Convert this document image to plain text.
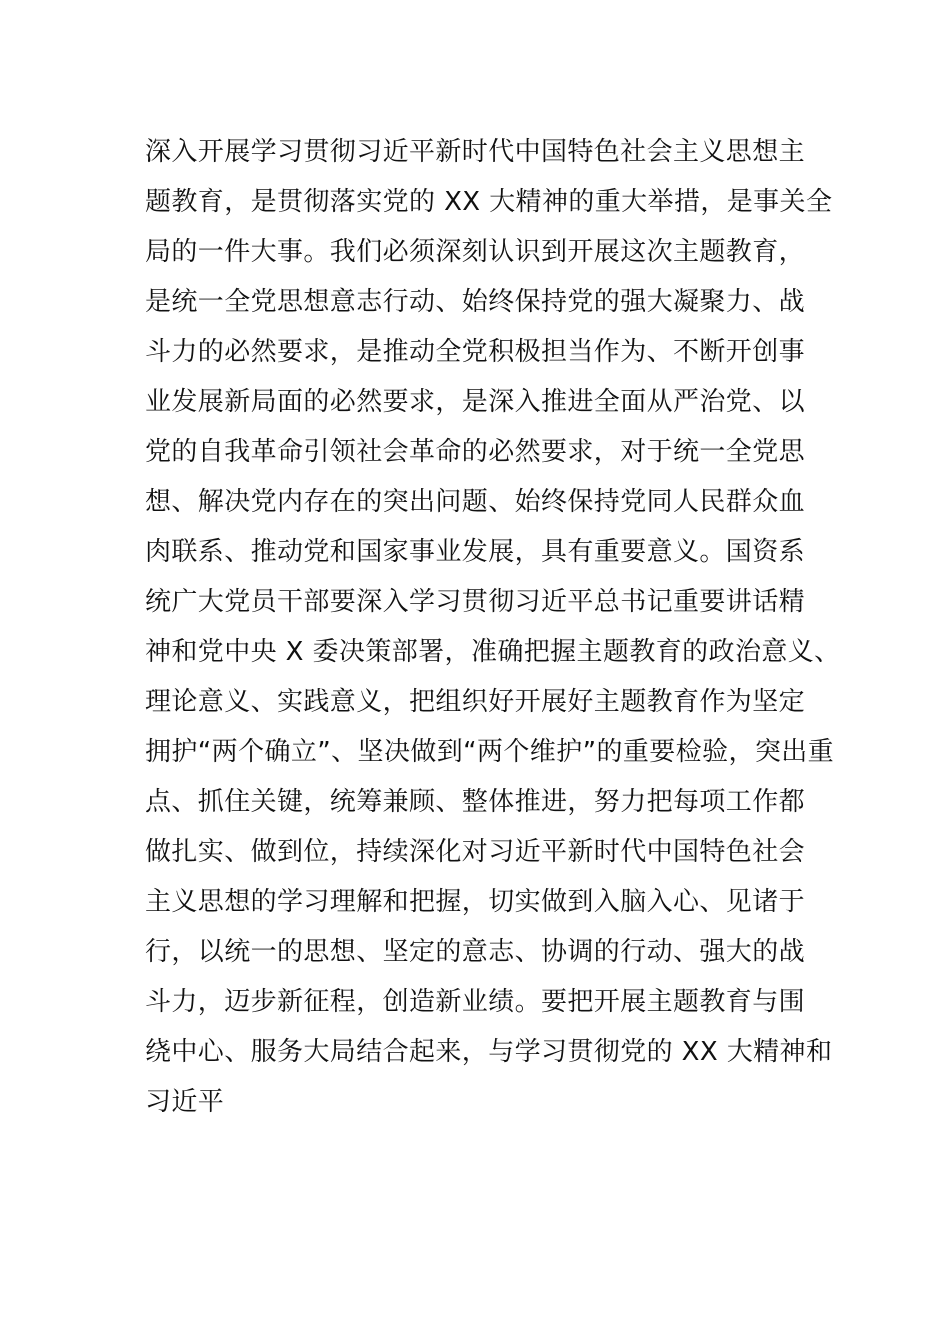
深入开展学习贯彻习近平新时代中国特色社会主义思想主
题教育，是贯彻落实党的 XX 大精神的重大举措，是事关全
局的一件大事。我们必须深刻认识到开展这次主题教育，
是统一全党思想意志行动、始终保持党的强大凝聚力、战
斗力的必然要求，是推动全党积极担当作为、不断开创事
业发展新局面的必然要求，是深入推进全面从严治党、以
党的自我革命引领社会革命的必然要求，对于统一全党思
想、解决党内存在的突出问题、始终保持党同人民群众血
肉联系、推动党和国家事业发展，具有重要意义。国资系
统广大党员干部要深入学习贯彻习近平总书记重要讲话精
神和党中央 X 委决策部署，准确把握主题教育的政治意义、
理论意义、实践意义，把组织好开展好主题教育作为坚定
拥护“两个确立”、坚决做到“两个维护”的重要检验，突出重
点、抓住关键，统筹兼顾、整体推进，努力把每项工作都
做扎实、做到位，持续深化对习近平新时代中国特色社会
主义思想的学习理解和把握，切实做到入脑入心、见诸于
行，以统一的思想、坚定的意志、协调的行动、强大的战
斗力，迈步新征程，创造新业绩。要把开展主题教育与围
绕中心、服务大局结合起来，与学习贯彻党的 XX 大精神和
习近平
